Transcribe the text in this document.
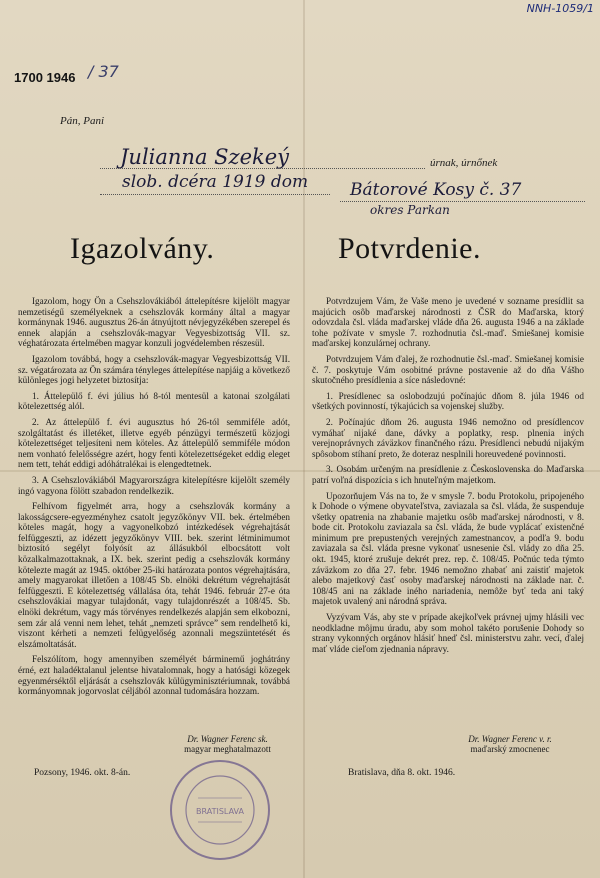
NNH-1059/1
1700 1946 / 37
Pán, Pani
Julianna Szekeý	úrnak, úrnőnek
slob. dcéra 1919 dom Bátorové Kosy č. 37
okres Parkan
Igazolvány.	Potvrdenie.

Igazolom, hogy Ön a Csehszlovákiából áttelepítésre kijelölt magyar nemzetiségű személyeknek a csehszlovák kormány által a magyar kormánynak 1946. augusztus 26-án átnyújtott névjegyzékében szerepel és ennek alapján a csehszlovák-magyar Vegyesbizottság VII. sz. véghatározata értelmében magyar konzuli jogvédelemben részesül.

Igazolom továbbá, hogy a csehszlovák-magyar Vegyesbizottság VII. sz. végatározata az Ön számára tényleges áttelepítése napjáig a következő különleges jogi helyzetet biztosítja:

1. Áttelepülő f. évi július hó 8-tól mentesül a katonai szolgálati kötelezettség alól.

2. Az áttelepülő f. évi augusztus hó 26-tól semmiféle adót, szolgáltatást és illetéket, illetve egyéb pénzügyi természetű közjogi kötelezettséget teljesíteni nem köteles. Az áttelepülő semmiféle módon nem vonható felelősségre azért, hogy fenti kötelezettségeket eddig eleget nem tett, tehát eddigi adóhátralékai is elengedtetnek.

3. A Csehszlovákiából Magyarországra kitelepítésre kijelölt személy ingó vagyona fölött szabadon rendelkezik.

Felhívom figyelmét arra, hogy a csehszlovák kormány a lakosságcsere-egyezményhez csatolt jegyzőkönyv VII. bek. értelmében köteles magát, hogy a vagyonelkobzó intézkedések végrehajtását felfüggeszti, az idézett jegyzőkönyv VIII. bek. szerint létminimumot biztosító segélyt folyósít az állásukból elbocsátott volt közalkalmazottaknak, a IX. bek. szerint pedig a csehszlovák kormány kötelezte magát az 1945. október 25-iki határozata pontos végrehajtására, amely magyarokat illetően a 108/45 Sb. elnöki dekrétum végrehajtását felfüggeszti. E kötelezettség vállalása óta, tehát 1946. február 27-e óta csehszlovákiai magyar tulajdonát, vagy tulajdonrészét a 108/45. Sb. elnöki dekrétum, vagy más törvényes rendelkezés alapján sem elkobozni, sem zár alá venni nem lehet, tehát „nemzeti správce” sem rendelhető ki, viszont kérheti a nemzeti felügyelőség azonnali megszüntetését és elszámoltatását.

Felszólítom, hogy amennyiben személyét bárminemű joghátrány érné, ezt haladéktalanul jelentse hivatalomnak, hogy a hatósági közegek egyenmérséktől eljárását a csehszlovák külügyminisztériumnak, továbbá kormányomnak jogorvoslat céljából azonnal tudomására hozzam.

Potvrdzujem Vám, že Vaše meno je uvedené v sozname presídlit sa majúcich osôb maďarskej národnosti z ČSR do Maďarska, ktorý odovzdala čsl. vláda maďarskej vláde dňa 26. augusta 1946 a na základe tohe požívate v smysle 7. rozhodnutia čsl.-maď. Smiešanej komisie maďarskej konzulárnej ochrany.

Potvrdzujem Vám ďalej, že rozhodnutie čsl.-maď. Smiešanej komisie č. 7. poskytuje Vám osobitné právne postavenie až do dňa Vášho skutočného presídlenia a síce následovné:

1. Presídlenec sa oslobodzujú počínajúc dňom 8. júla 1946 od všetkých povinností, týkajúcich sa vojenskej služby.

2. Počínajúc dňom 26. augusta 1946 nemožno od presídlencov vymáhať nijaké dane, dávky a poplatky, resp. plnenia iných verejnoprávnych záväzkov finančného rázu. Presídlenci nebudú nijakým spôsobom stíhaní preto, že doteraz nesplnili horeuvedené povinnosti.

3. Osobám určeným na presídlenie z Československa do Maďarska patrí voľná dispozícia s ich hnuteľným majetkom.

Upozorňujem Vás na to, že v smysle 7. bodu Protokolu, pripojeného k Dohode o výmene obyvateľstva, zaviazala sa čsl. vláda, že suspenduje všetky opatrenia na zhabanie majetku osôb maďarskej národnosti, v 8. bode cit. Protokolu zaviazala sa čsl. vláda, že bude vyplácať existenčné minimum pre prepustených verejných zamestnancov, a podľa 9. bodu zaviazala sa čsl. vláda presne vykonať usnesenie čsl. vlády zo dňa 25. okt. 1945, ktoré zrušuje dekrét prez. rep. č. 108/45. Počnúc teda týmto záväzkom zo dňa 27. febr. 1946 nemožno zhabať ani zaistiť majetok alebo majetkový časť osoby maďarskej národnosti na základe nar. č. 108/45 ani na základe iného nariadenia, nemôže byť teda ani taký majetok uvalený ani národná správa.

Vyzývam Vás, aby ste v prípade akejkoľvek právnej ujmy hlásili vec neodkladne môjmu úradu, aby som mohol takéto porušenie Dohody so strany vykonných orgánov hlásiť hneď čsl. ministerstvu zahr. vecí, ďalej mať vláde cieľom zjednania nápravy.

Dr. Wagner Ferenc sk.
magyar meghatalmazott
Dr. Wagner Ferenc v. r.
maďarský zmocnenec
Pozsony, 1946. okt. 8-án.	Bratislava, dňa 8. okt. 1946.
BRATISLAVA
